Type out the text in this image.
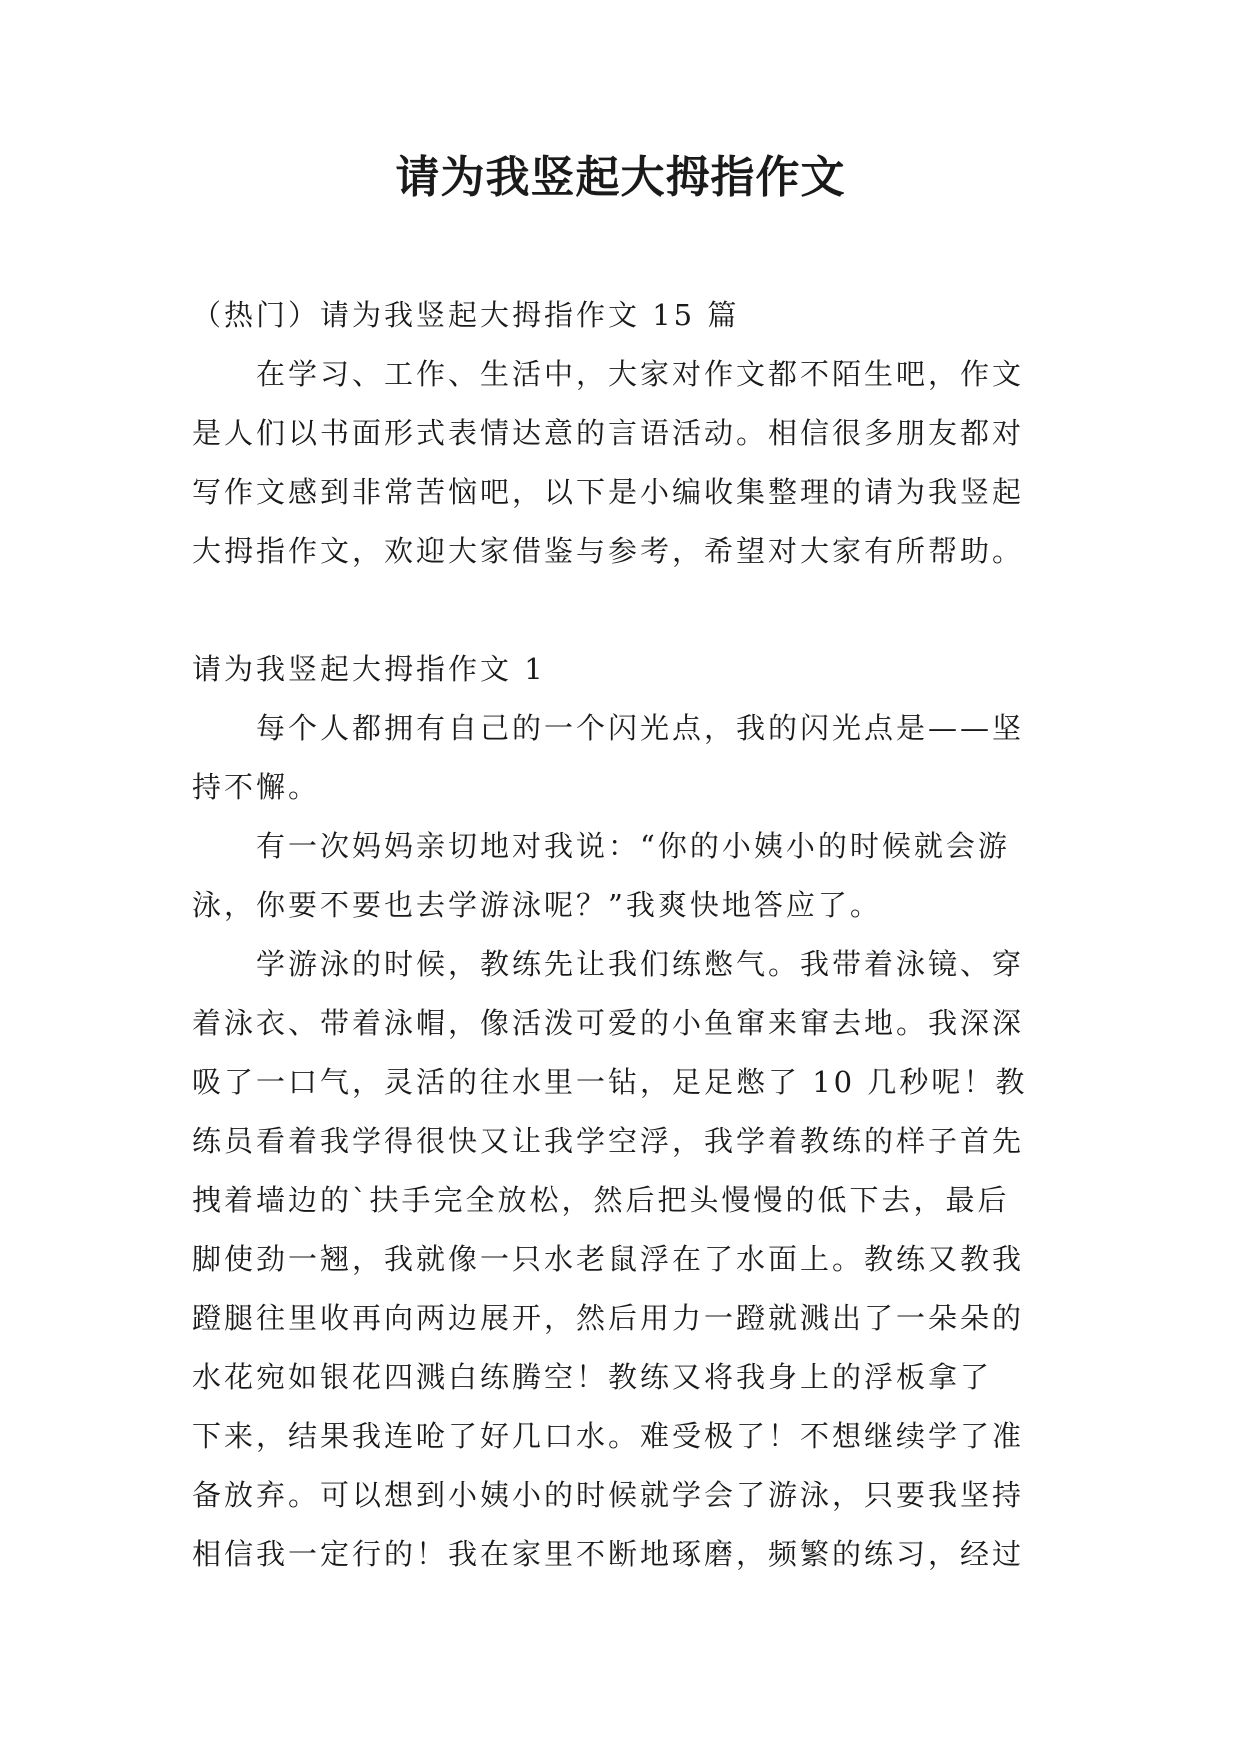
请为我竖起大拇指作文
（热门）请为我竖起大拇指作文 15 篇
在学习、工作、生活中，大家对作文都不陌生吧，作文
是人们以书面形式表情达意的言语活动。相信很多朋友都对
写作文感到非常苦恼吧，以下是小编收集整理的请为我竖起
大拇指作文，欢迎大家借鉴与参考，希望对大家有所帮助。
请为我竖起大拇指作文 1
每个人都拥有自己的一个闪光点，我的闪光点是——坚
持不懈。
有一次妈妈亲切地对我说：“你的小姨小的时候就会游
泳，你要不要也去学游泳呢？”我爽快地答应了。
学游泳的时候，教练先让我们练憋气。我带着泳镜、穿
着泳衣、带着泳帽，像活泼可爱的小鱼窜来窜去地。我深深
吸了一口气，灵活的往水里一钻，足足憋了 10 几秒呢！教
练员看着我学得很快又让我学空浮，我学着教练的样子首先
拽着墙边的`扶手完全放松，然后把头慢慢的低下去，最后
脚使劲一翘，我就像一只水老鼠浮在了水面上。教练又教我
蹬腿往里收再向两边展开，然后用力一蹬就溅出了一朵朵的
水花宛如银花四溅白练腾空！教练又将我身上的浮板拿了
下来，结果我连呛了好几口水。难受极了！不想继续学了准
备放弃。可以想到小姨小的时候就学会了游泳，只要我坚持
相信我一定行的！我在家里不断地琢磨，频繁的练习，经过
